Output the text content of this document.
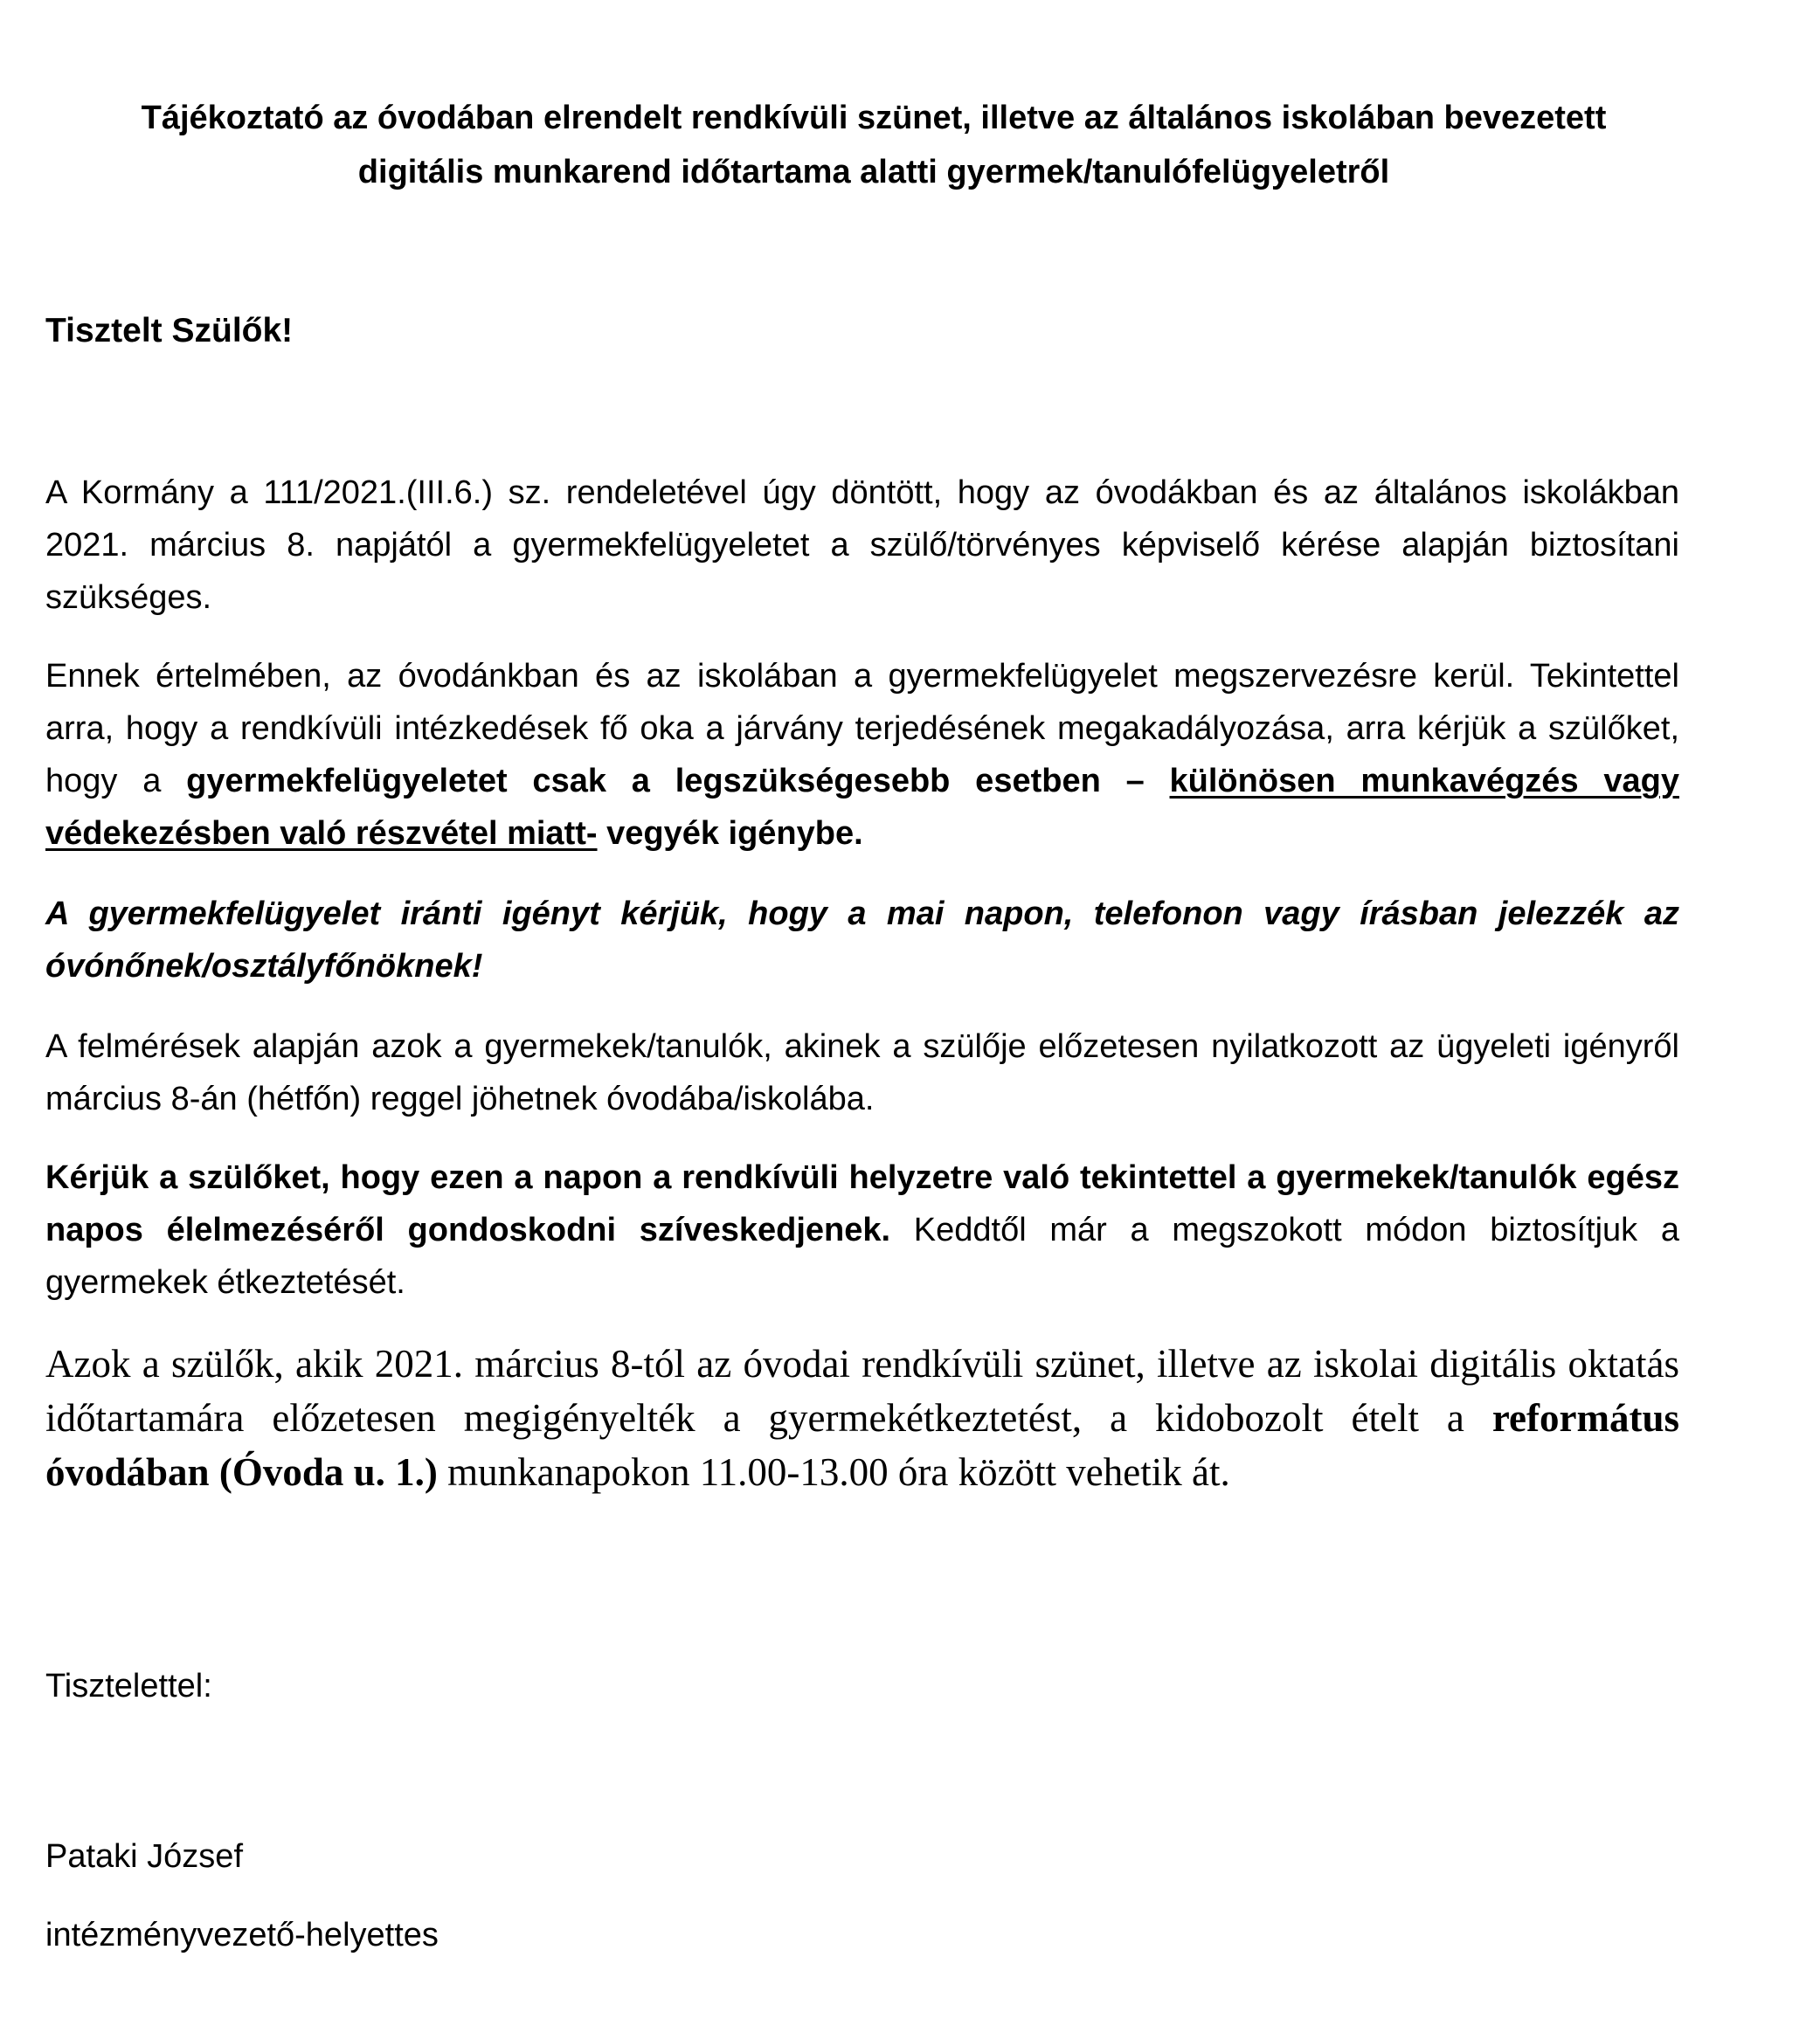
Tájékoztató az óvodában elrendelt rendkívüli szünet, illetve az általános iskolában bevezetett
digitális munkarend időtartama alatti gyermek/tanulófelügyeletről
Tisztelt Szülők!
A Kormány a 111/2021.(III.6.) sz. rendeletével úgy döntött, hogy az óvodákban és az általános iskolákban 2021. március 8. napjától a gyermekfelügyeletet a szülő/törvényes képviselő kérése alapján biztosítani szükséges.
Ennek értelmében, az óvodánkban és az iskolában a gyermekfelügyelet megszervezésre kerül. Tekintettel arra, hogy a rendkívüli intézkedések fő oka a járvány terjedésének megakadályozása, arra kérjük a szülőket, hogy a gyermekfelügyeletet csak a legszükségesebb esetben – különösen munkavégzés vagy védekezésben való részvétel miatt- vegyék igénybe.
A gyermekfelügyelet iránti igényt kérjük, hogy a mai napon, telefonon vagy írásban jelezzék az óvónőnek/osztályfőnöknek!
A felmérések alapján azok a gyermekek/tanulók, akinek a szülője előzetesen nyilatkozott az ügyeleti igényről március 8-án (hétfőn) reggel jöhetnek óvodába/iskolába.
Kérjük a szülőket, hogy ezen a napon a rendkívüli helyzetre való tekintettel a gyermekek/tanulók egész napos élelmezéséről gondoskodni szíveskedjenek. Keddtől már a megszokott módon biztosítjuk a gyermekek étkeztetését.
Azok a szülők, akik 2021. március 8-tól az óvodai rendkívüli szünet, illetve az iskolai digitális oktatás időtartamára előzetesen megigényelték a gyermekétkeztetést, a kidobozolt ételt a református óvodában (Óvoda u. 1.) munkanapokon 11.00-13.00 óra között vehetik át.
Tisztelettel:
Pataki József
intézményvezető-helyettes
